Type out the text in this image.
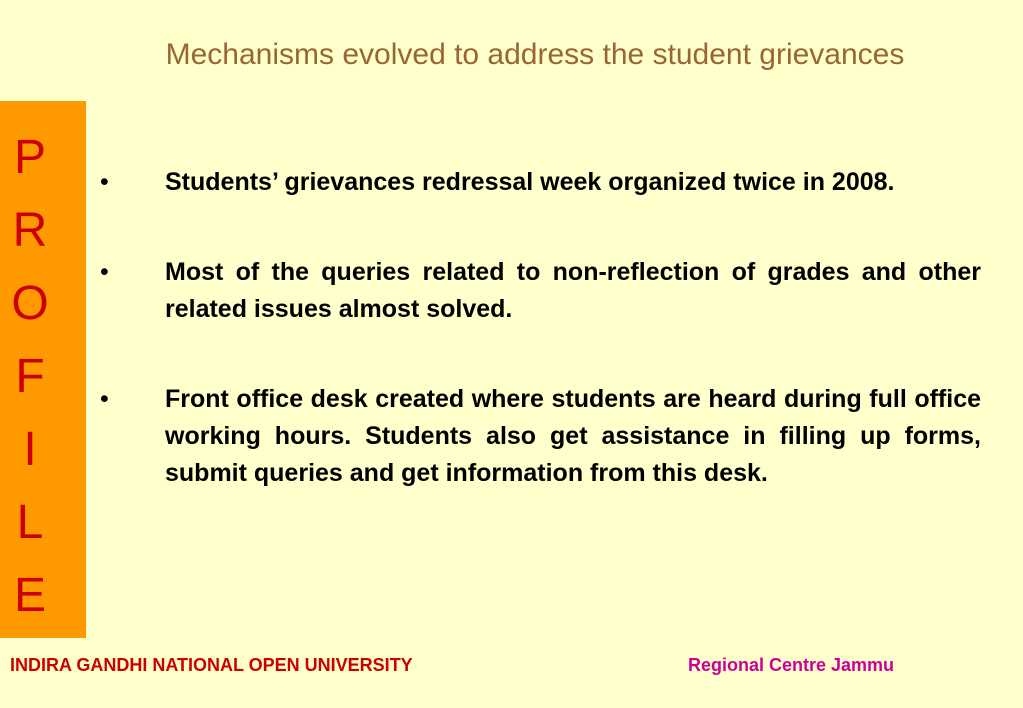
Mechanisms evolved to address the student grievances
P
R
O
F
I
L
E
• Students’ grievances redressal week organized twice in 2008.
• Most of the queries related to non-reflection of grades and other related issues almost solved.
• Front office desk created where students are heard during full office working hours. Students also get assistance in filling up forms, submit queries and get information from this desk.
INDIRA GANDHI NATIONAL OPEN UNIVERSITY	Regional Centre Jammu
